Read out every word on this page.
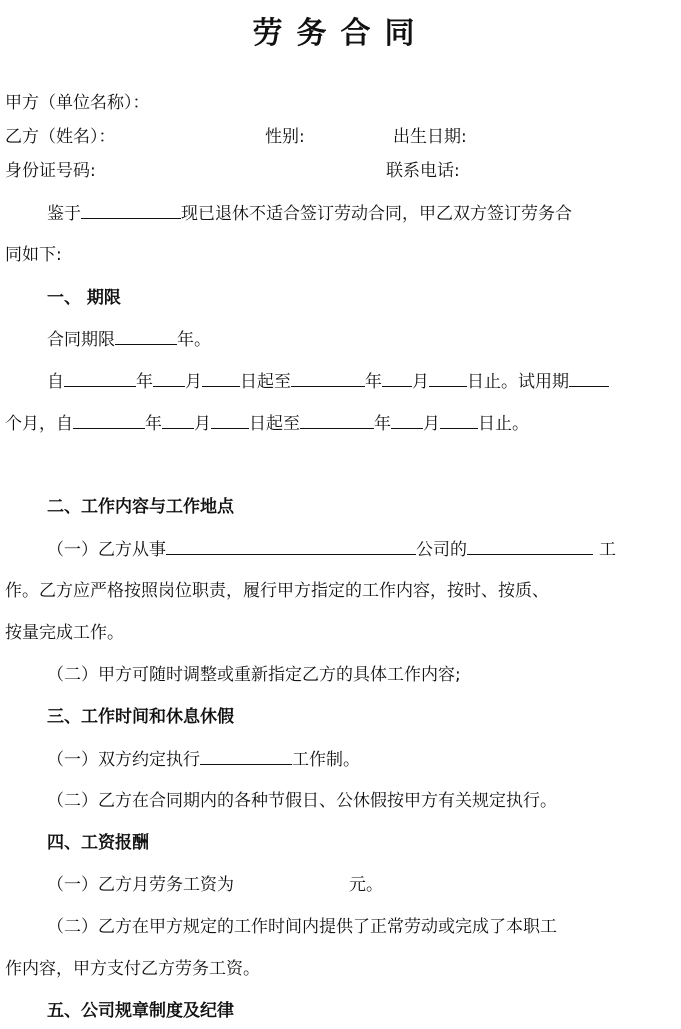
劳务合同
甲方（单位名称）：
乙方（姓名）：	性别:	出生日期:
身份证号码:	联系电话:
鉴于	现已退休不适合签订劳动合同，甲乙双方签订劳务合
同如下:
一、 期限
合同期限	年。
自	年 月 日起至	年 月 日止。试用期
个月，自	年 月 日起至	年 月 日止。
二、工作内容与工作地点
（一）乙方从事	公司的	工
作。乙方应严格按照岗位职责，履行甲方指定的工作内容，按时、按质、
按量完成工作。
（二）甲方可随时调整或重新指定乙方的具体工作内容;
三、工作时间和休息休假
（一）双方约定执行	工作制。
（二）乙方在合同期内的各种节假日、公休假按甲方有关规定执行。
四、工资报酬
（一）乙方月劳务工资为	元。
（二）乙方在甲方规定的工作时间内提供了正常劳动或完成了本职工
作内容，甲方支付乙方劳务工资。
五、公司规章制度及纪律
